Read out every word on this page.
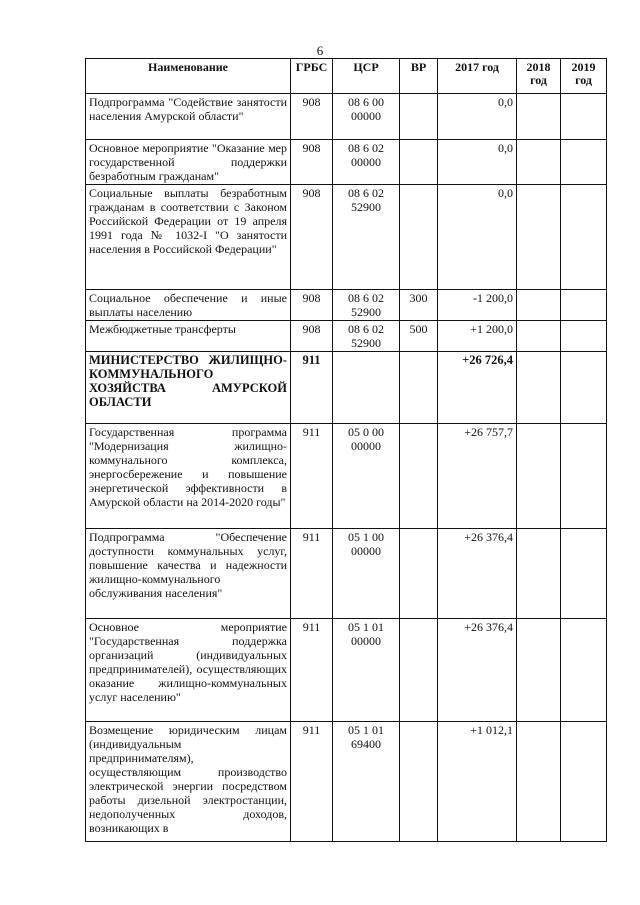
6
Наименование	ГРБС	ЦСР	ВР	2017 год	2018 год	2019 год
Подпрограмма "Содействие занятости населения Амурской области"	908	08 6 00 00000		0,0		
Основное мероприятие "Оказание мер государственной поддержки безработным гражданам"	908	08 6 02 00000		0,0		
Социальные выплаты безработным гражданам в соответствии с Законом Российской Федерации от 19 апреля 1991 года № 1032-I "О занятости населения в Российской Федерации"	908	08 6 02 52900		0,0		
Социальное обеспечение и иные выплаты населению	908	08 6 02 52900	300	-1 200,0		
Межбюджетные трансферты	908	08 6 02 52900	500	+1 200,0		
МИНИСТЕРСТВО ЖИЛИЩНО-КОММУНАЛЬНОГО ХОЗЯЙСТВА АМУРСКОЙ ОБЛАСТИ	911			+26 726,4		
Государственная программа "Модернизация жилищно-коммунального комплекса, энергосбережение и повышение энергетической эффективности в Амурской области на 2014-2020 годы"	911	05 0 00 00000		+26 757,7		
Подпрограмма "Обеспечение доступности коммунальных услуг, повышение качества и надежности жилищно-коммунального обслуживания населения"	911	05 1 00 00000		+26 376,4		
Основное мероприятие "Государственная поддержка организаций (индивидуальных предпринимателей), осуществляющих оказание жилищно-коммунальных услуг населению"	911	05 1 01 00000		+26 376,4		
Возмещение юридическим лицам (индивидуальным предпринимателям), осуществляющим производство электрической энергии посредством работы дизельной электростанции, недополученных доходов, возникающих в	911	05 1 01 69400		+1 012,1		
